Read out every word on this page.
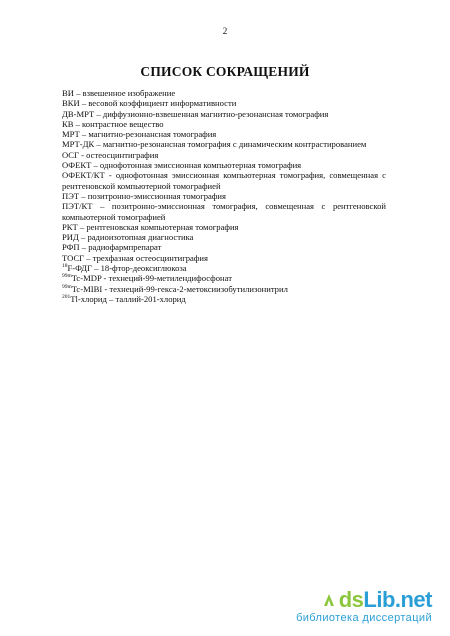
2
СПИСОК СОКРАЩЕНИЙ

ВИ – взвешенное изображение

ВКИ – весовой коэффициент информативности

ДВ-МРТ – диффузионно-взвешенная магнитно-резонансная томография

КВ – контрастное вещество

МРТ – магнитно-резонансная томография

МРТ-ДК – магнитно-резонансная томография с динамическим контрастированием

ОСГ - остеосцинтиграфия

ОФЕКТ – однофотонная эмиссионная компьютерная томография

ОФЕКТ/КТ - однофотонная эмиссионная компьютерная томография, совмещенная с рентгеновской компьютерной томографией

ПЭТ – позитронно-эмиссионная томография

ПЭТ/КТ – позитронно-эмиссионная томография, совмещенная с рентгеновской компьютерной томографией

РКТ – рентгеновская компьютерная томография

РИД – радиоизотопная диагностика

РФП – радиофармпрепарат

ТОСГ – трехфазная остеосцинтиграфия

$^{18}$F-ФДГ – 18-фтор-деоксиглюкоза

$^{99m}$Tc-MDP - технеций-99-метилендифосфонат

$^{99m}$Tc-MIBI - технеций-99-гекса-2-метоксиизобутилизонитрил

$^{201}$Tl-хлорид – таллий-201-хлорид

dsLib.net
библиотека диссертаций
